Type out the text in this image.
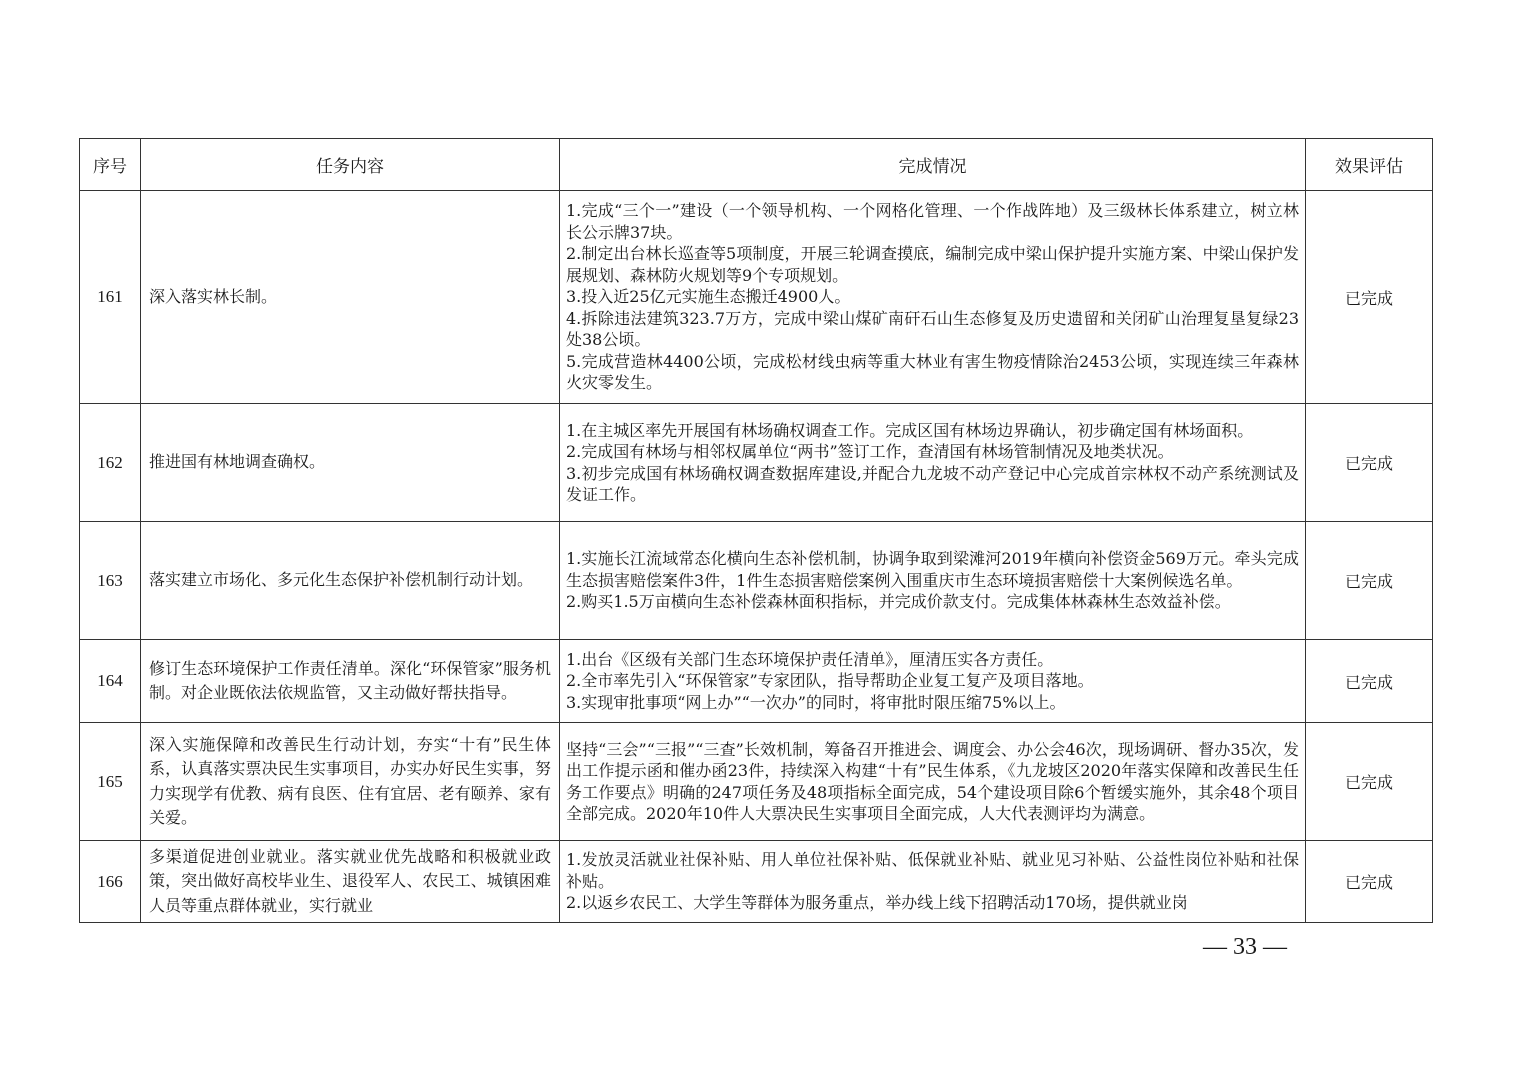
序号	任务内容	完成情况	效果评估
161	深入落实林长制。	1.完成“三个一”建设（一个领导机构、一个网格化管理、一个作战阵地）及三级林长体系建立，树立林长公示牌37块。
2.制定出台林长巡查等5项制度，开展三轮调查摸底，编制完成中梁山保护提升实施方案、中梁山保护发展规划、森林防火规划等9个专项规划。
3.投入近25亿元实施生态搬迁4900人。
4.拆除违法建筑323.7万方，完成中梁山煤矿南矸石山生态修复及历史遗留和关闭矿山治理复垦复绿23处38公顷。
5.完成营造林4400公顷，完成松材线虫病等重大林业有害生物疫情除治2453公顷，实现连续三年森林火灾零发生。	已完成
162	推进国有林地调查确权。	1.在主城区率先开展国有林场确权调查工作。完成区国有林场边界确认，初步确定国有林场面积。
2.完成国有林场与相邻权属单位“两书”签订工作，查清国有林场管制情况及地类状况。
3.初步完成国有林场确权调查数据库建设,并配合九龙坡不动产登记中心完成首宗林权不动产系统测试及发证工作。	已完成
163	落实建立市场化、多元化生态保护补偿机制行动计划。	1.实施长江流域常态化横向生态补偿机制，协调争取到梁滩河2019年横向补偿资金569万元。牵头完成生态损害赔偿案件3件，1件生态损害赔偿案例入围重庆市生态环境损害赔偿十大案例候选名单。
2.购买1.5万亩横向生态补偿森林面积指标，并完成价款支付。完成集体林森林生态效益补偿。	已完成
164	修订生态环境保护工作责任清单。深化“环保管家”服务机制。对企业既依法依规监管，又主动做好帮扶指导。	1.出台《区级有关部门生态环境保护责任清单》，厘清压实各方责任。
2.全市率先引入“环保管家”专家团队，指导帮助企业复工复产及项目落地。
3.实现审批事项“网上办”“一次办”的同时，将审批时限压缩75%以上。	已完成
165	深入实施保障和改善民生行动计划，夯实“十有”民生体系，认真落实票决民生实事项目，办实办好民生实事，努力实现学有优教、病有良医、住有宜居、老有颐养、家有关爱。	坚持“三会”“三报”“三查”长效机制，筹备召开推进会、调度会、办公会46次，现场调研、督办35次，发出工作提示函和催办函23件，持续深入构建“十有”民生体系，《九龙坡区2020年落实保障和改善民生任务工作要点》明确的247项任务及48项指标全面完成，54个建设项目除6个暂缓实施外，其余48个项目全部完成。2020年10件人大票决民生实事项目全面完成，人大代表测评均为满意。	已完成
166	多渠道促进创业就业。落实就业优先战略和积极就业政策，突出做好高校毕业生、退役军人、农民工、城镇困难人员等重点群体就业，实行就业	1.发放灵活就业社保补贴、用人单位社保补贴、低保就业补贴、就业见习补贴、公益性岗位补贴和社保补贴。
2.以返乡农民工、大学生等群体为服务重点，举办线上线下招聘活动170场，提供就业岗	已完成
— 33 —
